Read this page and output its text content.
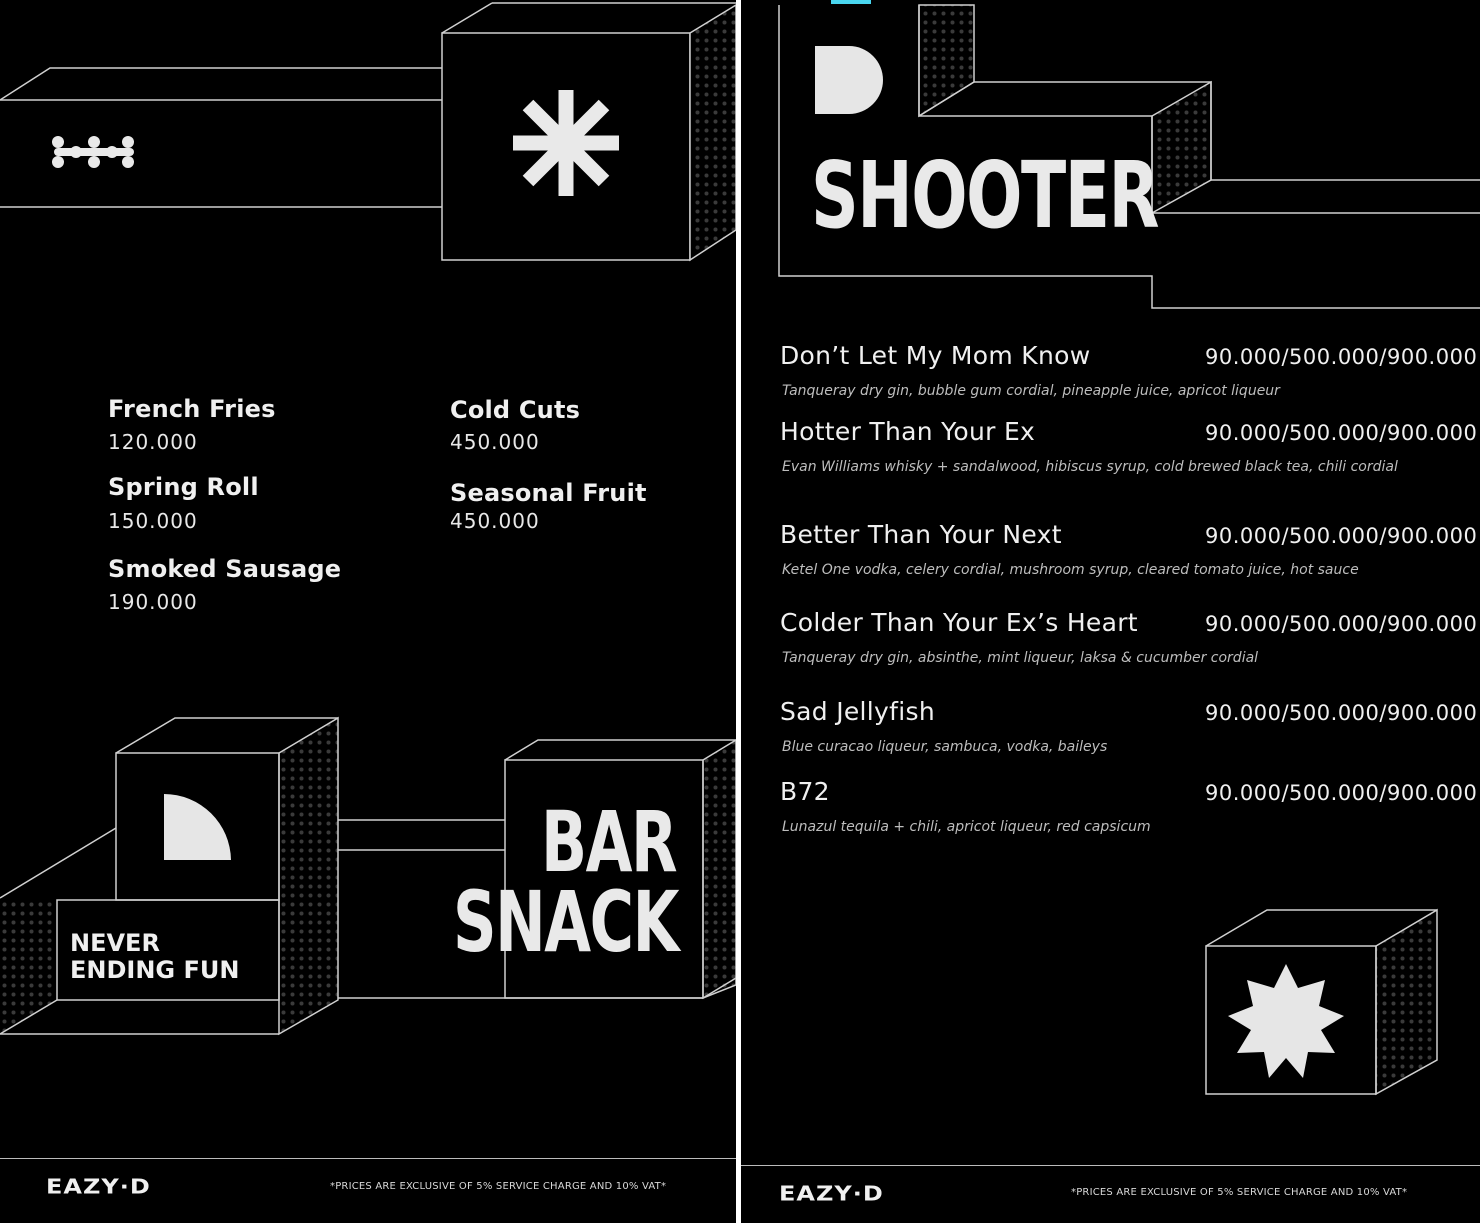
French Fries
120.000
Spring Roll
150.000
Smoked Sausage
190.000
Cold Cuts
450.000
Seasonal Fruit
450.000
NEVER
ENDING FUN
BAR
SNACK
EAZY·D	*PRICES ARE EXCLUSIVE OF 5% SERVICE CHARGE AND 10% VAT*
SHOOTER
Don’t Let My Mom Know	90.000/500.000/900.000
Tanqueray dry gin, bubble gum cordial, pineapple juice, apricot liqueur
Hotter Than Your Ex	90.000/500.000/900.000
Evan Williams whisky + sandalwood, hibiscus syrup, cold brewed black tea, chili cordial
Better Than Your Next	90.000/500.000/900.000
Ketel One vodka, celery cordial, mushroom syrup, cleared tomato juice, hot sauce
Colder Than Your Ex’s Heart	90.000/500.000/900.000
Tanqueray dry gin, absinthe, mint liqueur, laksa & cucumber cordial
Sad Jellyfish	90.000/500.000/900.000
Blue curacao liqueur, sambuca, vodka, baileys
B72	90.000/500.000/900.000
Lunazul tequila + chili, apricot liqueur, red capsicum
EAZY·D	*PRICES ARE EXCLUSIVE OF 5% SERVICE CHARGE AND 10% VAT*
